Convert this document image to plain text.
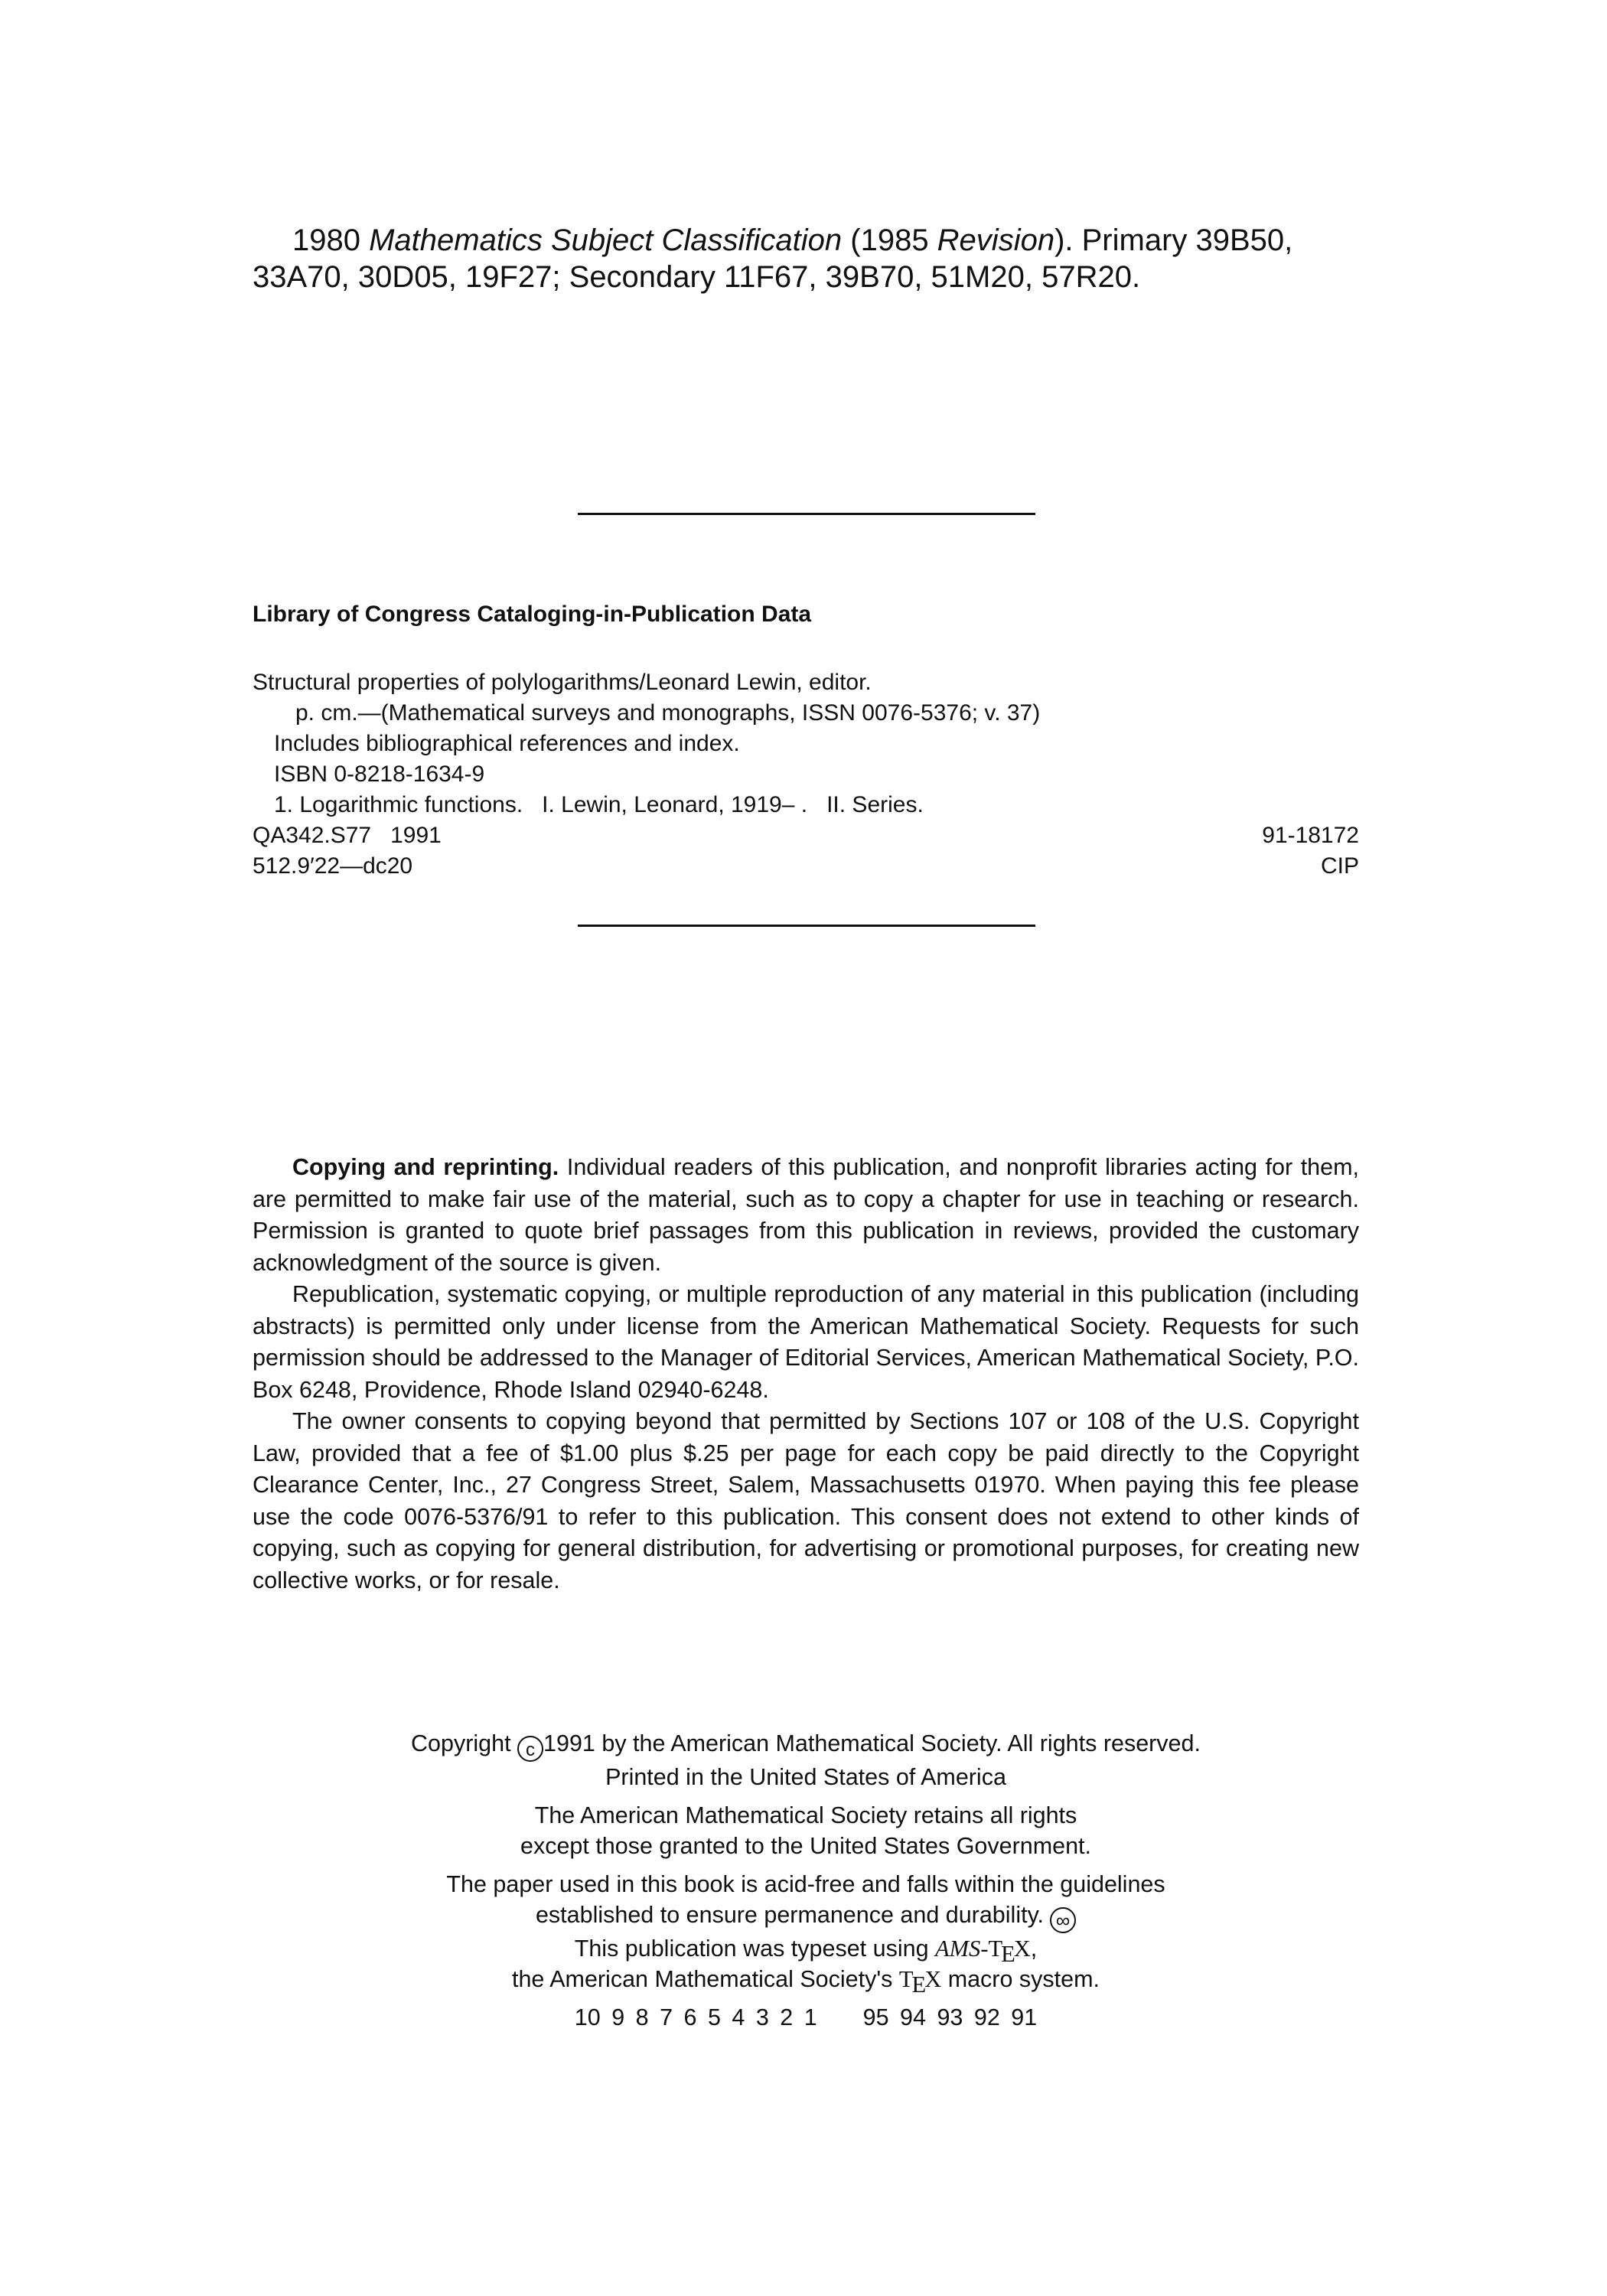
1980 Mathematics Subject Classification (1985 Revision). Primary 39B50,

33A70, 30D05, 19F27; Secondary 11F67, 39B70, 51M20, 57R20.

Library of Congress Cataloging-in-Publication Data
Structural properties of polylogarithms/Leonard Lewin, editor.
p. cm.—(Mathematical surveys and monographs, ISSN 0076-5376; v. 37)
Includes bibliographical references and index.
ISBN 0-8218-1634-9
1. Logarithmic functions.   I. Lewin, Leonard, 1919– .   II. Series.
QA342.S77   1991	91-18172
512.9′22—dc20	CIP

Copying and reprinting. Individual readers of this publication, and nonprofit libraries acting for them, are permitted to make fair use of the material, such as to copy a chapter for use in teaching or research. Permission is granted to quote brief passages from this publication in reviews, provided the customary acknowledgment of the source is given.

Republication, systematic copying, or multiple reproduction of any material in this publication (including abstracts) is permitted only under license from the American Mathematical Society. Requests for such permission should be addressed to the Manager of Editorial Services, American Mathematical Society, P.O. Box 6248, Providence, Rhode Island 02940-6248.

The owner consents to copying beyond that permitted by Sections 107 or 108 of the U.S. Copyright Law, provided that a fee of $1.00 plus $.25 per page for each copy be paid directly to the Copyright Clearance Center, Inc., 27 Congress Street, Salem, Massachusetts 01970. When paying this fee please use the code 0076-5376/91 to refer to this publication. This consent does not extend to other kinds of copying, such as copying for general distribution, for advertising or promotional purposes, for creating new collective works, or for resale.

Copyright c 1991 by the American Mathematical Society. All rights reserved.
Printed in the United States of America
The American Mathematical Society retains all rights
except those granted to the United States Government.
The paper used in this book is acid-free and falls within the guidelines
established to ensure permanence and durability. ∞
This publication was typeset using AMS-TEX,
the American Mathematical Society's TEX macro system.
10 9 8 7 6 5 4 3 2 1 95 94 93 92 91
